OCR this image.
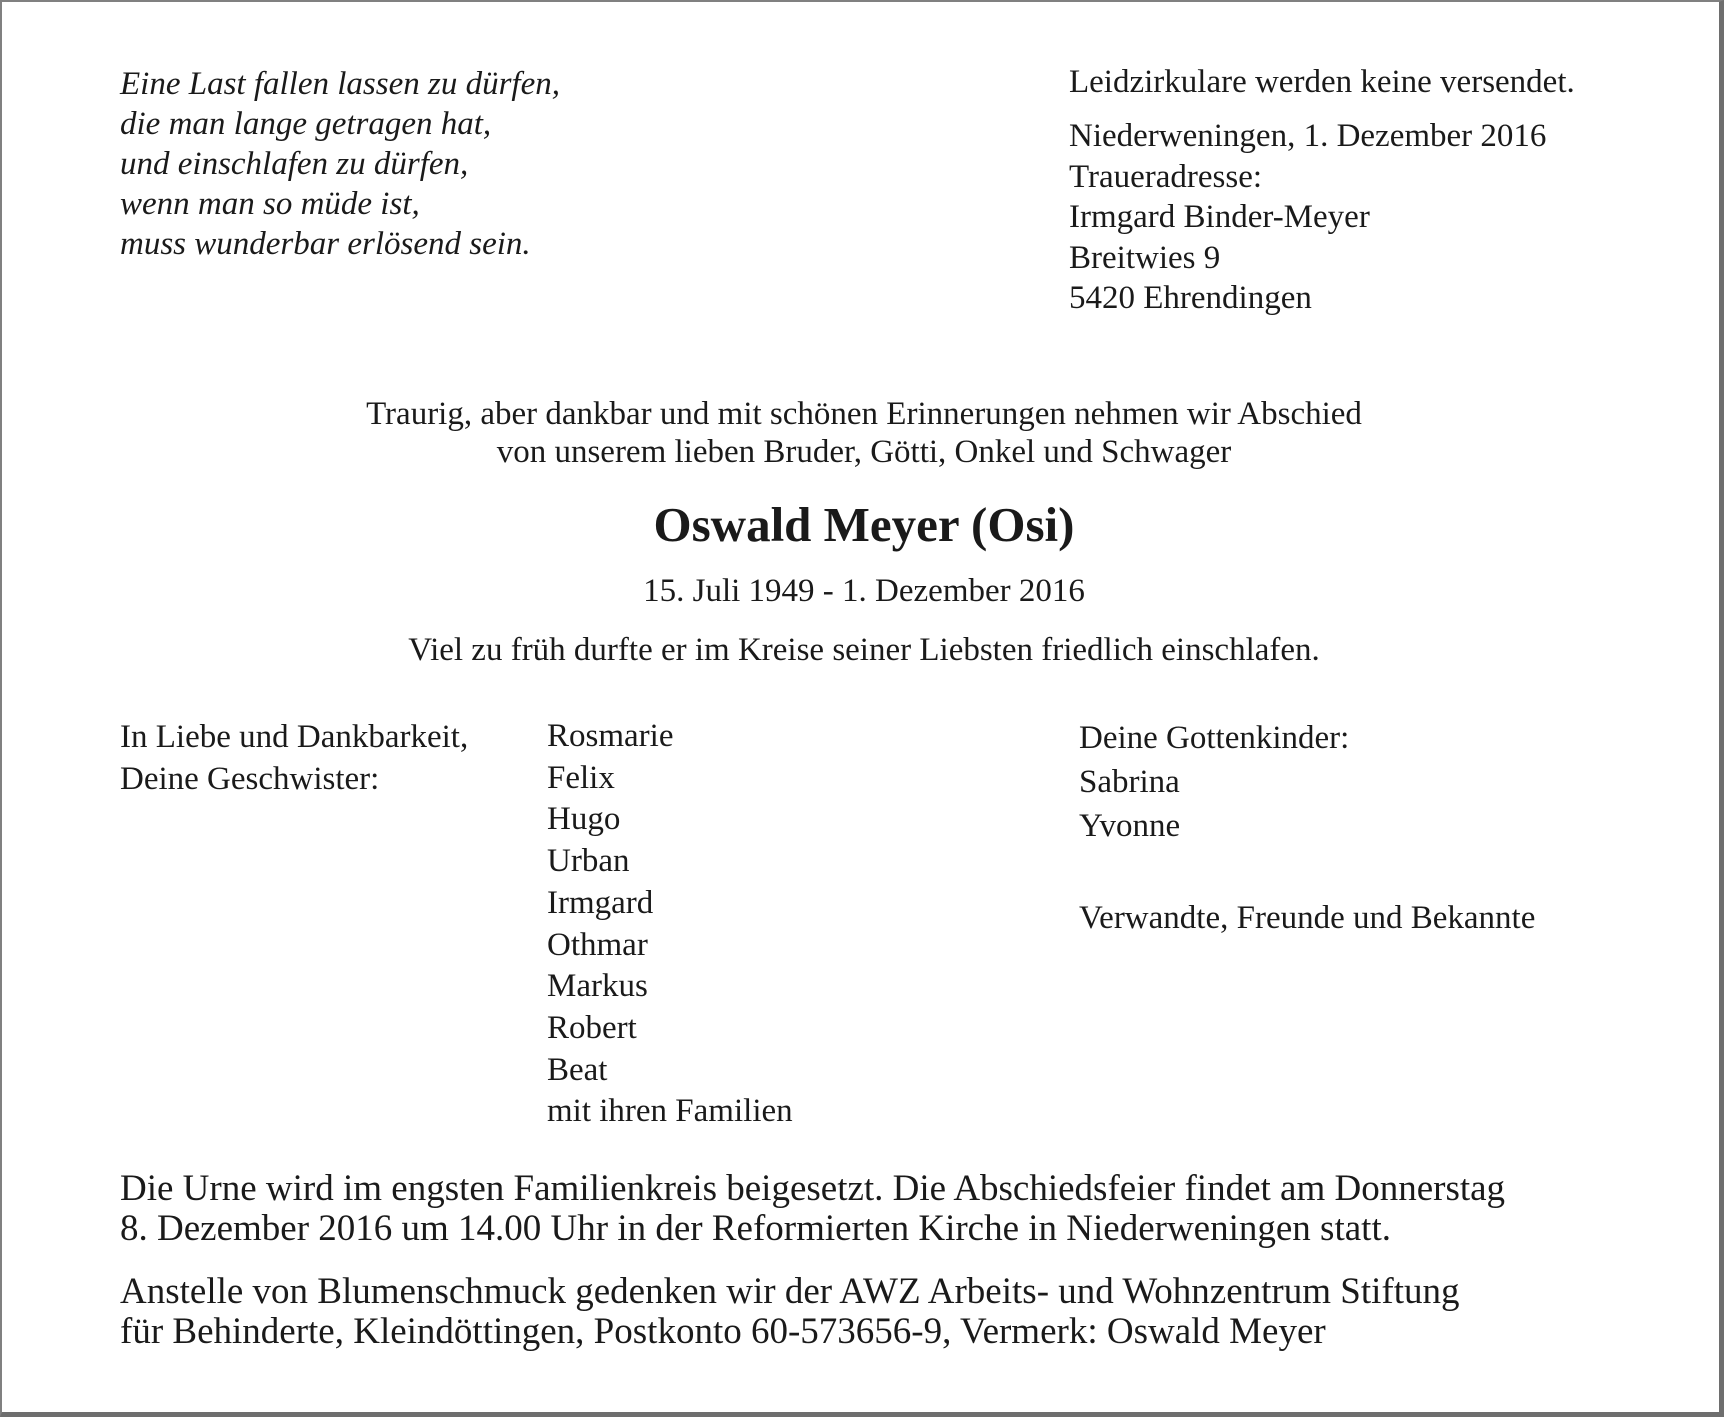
Eine Last fallen lassen zu dürfen,
die man lange getragen hat,
und einschlafen zu dürfen,
wenn man so müde ist,
muss wunderbar erlösend sein.
Leidzirkulare werden keine versendet.
Niederweningen, 1. Dezember 2016
Traueradresse:
Irmgard Binder-Meyer
Breitwies 9
5420 Ehrendingen
Traurig, aber dankbar und mit schönen Erinnerungen nehmen wir Abschied
von unserem lieben Bruder, Götti, Onkel und Schwager
Oswald Meyer (Osi)
15. Juli 1949 - 1. Dezember 2016
Viel zu früh durfte er im Kreise seiner Liebsten friedlich einschlafen.
In Liebe und Dankbarkeit,
Deine Geschwister:
Rosmarie
Felix
Hugo
Urban
Irmgard
Othmar
Markus
Robert
Beat
mit ihren Familien
Deine Gottenkinder:
Sabrina
Yvonne
Verwandte, Freunde und Bekannte
Die Urne wird im engsten Familienkreis beigesetzt. Die Abschiedsfeier findet am Donnerstag
8. Dezember 2016 um 14.00 Uhr in der Reformierten Kirche in Niederweningen statt.
Anstelle von Blumenschmuck gedenken wir der AWZ Arbeits- und Wohnzentrum Stiftung
für Behinderte, Kleindöttingen, Postkonto 60-573656-9, Vermerk: Oswald Meyer
